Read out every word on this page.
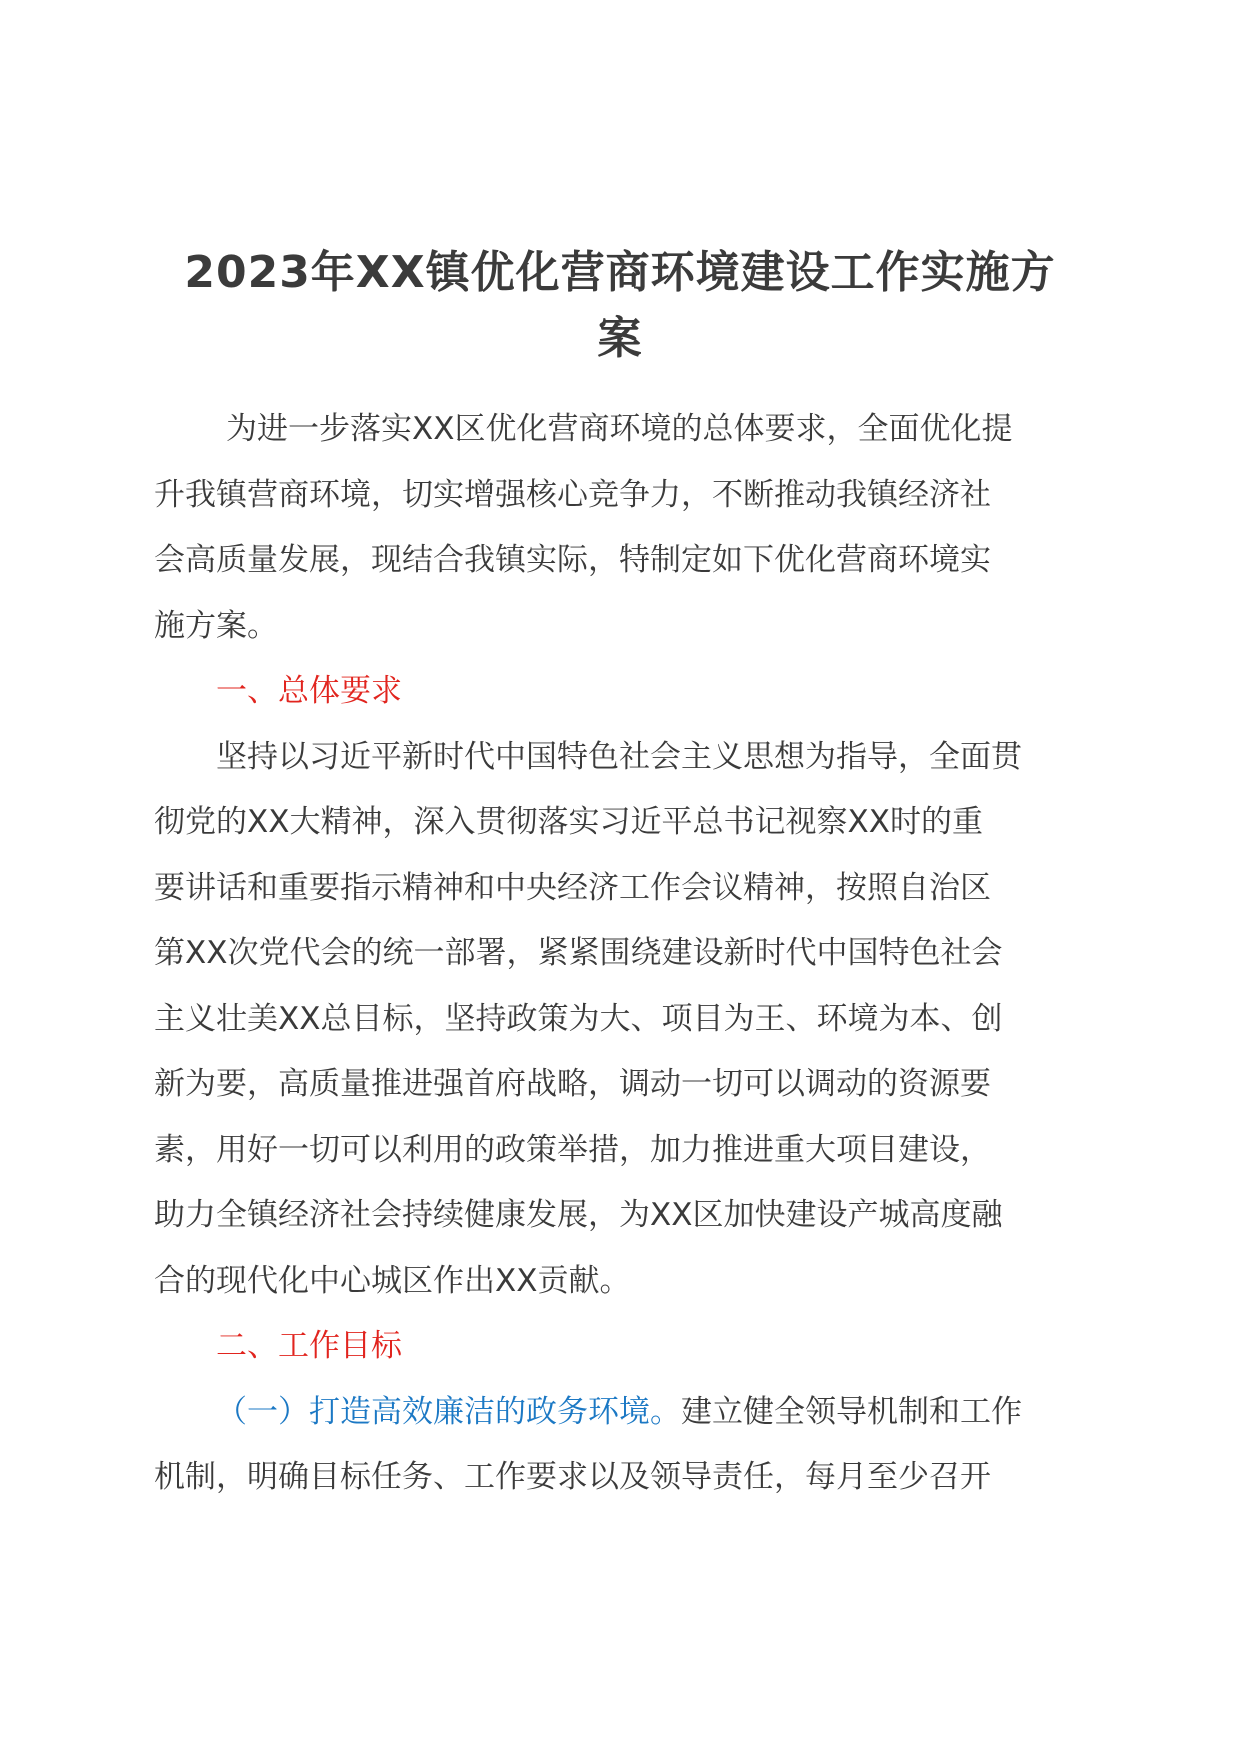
2023年XX镇优化营商环境建设工作实施方
案
为进一步落实XX区优化营商环境的总体要求，全面优化提
升我镇营商环境，切实增强核心竞争力，不断推动我镇经济社
会高质量发展，现结合我镇实际，特制定如下优化营商环境实
施方案。
一、总体要求
坚持以习近平新时代中国特色社会主义思想为指导，全面贯
彻党的XX大精神，深入贯彻落实习近平总书记视察XX时的重
要讲话和重要指示精神和中央经济工作会议精神，按照自治区
第XX次党代会的统一部署，紧紧围绕建设新时代中国特色社会
主义壮美XX总目标，坚持政策为大、项目为王、环境为本、创
新为要，高质量推进强首府战略，调动一切可以调动的资源要
素，用好一切可以利用的政策举措，加力推进重大项目建设，
助力全镇经济社会持续健康发展，为XX区加快建设产城高度融
合的现代化中心城区作出XX贡献。
二、工作目标
（一）打造高效廉洁的政务环境。建立健全领导机制和工作
机制，明确目标任务、工作要求以及领导责任，每月至少召开
